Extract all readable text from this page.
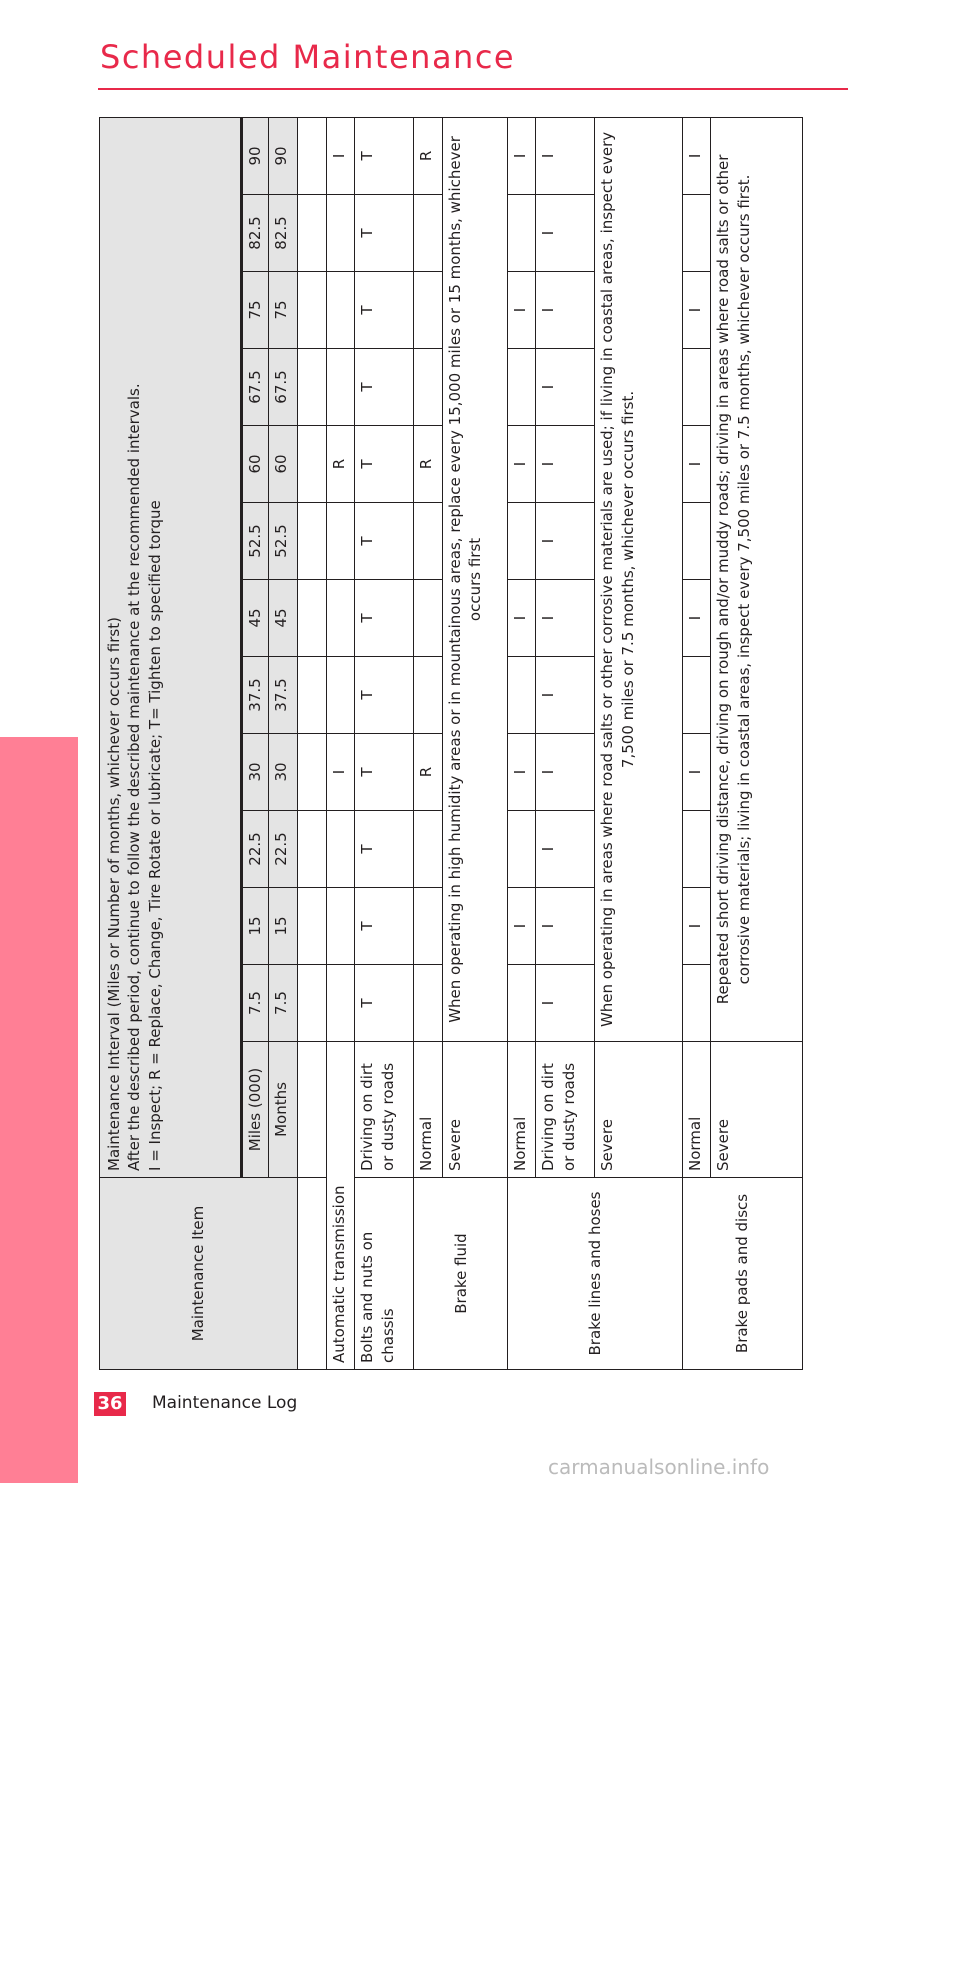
Scheduled Maintenance
MAINTENANCE
Maintenance Item	Maintenance Interval (Miles or Number of months, whichever occurs first) After the described period, continue to follow the described maintenance at the recommended intervals. I = Inspect; R = Replace, Change, Tire Rotate or lubricate; T= Tighten to specified torque												

	Miles (000)	7.5	15	22.5	30	37.5	45	52.5	60	67.5	75	82.5	90
	Months	7.5	15	22.5	30	37.5	45	52.5	60	67.5	75	82.5	90

Automatic transmission					I				R				I
Bolts and nuts on chassis	Driving on dirt or dusty roads	T	T	T	T	T	T	T	T	T	T	T	T
Brake fluid	Normal				R				R				R
	Severe	When operating in high humidity areas or in mountainous areas, replace every 15,000 miles or 15 months, whichever occurs first											
Brake lines and hoses	Normal		I		I		I		I		I		I
	Driving on dirt or dusty roads	I	I	I	I	I	I	I	I	I	I	I	I
	Severe	When operating in areas where road salts or other corrosive materials are used; if living in coastal areas, inspect every 7,500 miles or 7.5 months, whichever occurs first.											
Brake pads and discs	Normal		I		I		I		I		I		I
	Severe	Repeated short driving distance, driving on rough and/or muddy roads; driving in areas where road salts or other corrosive materials; living in coastal areas, inspect every 7,500 miles or 7.5 months, whichever occurs first.											
36 Maintenance Log
carmanualsonline.info
